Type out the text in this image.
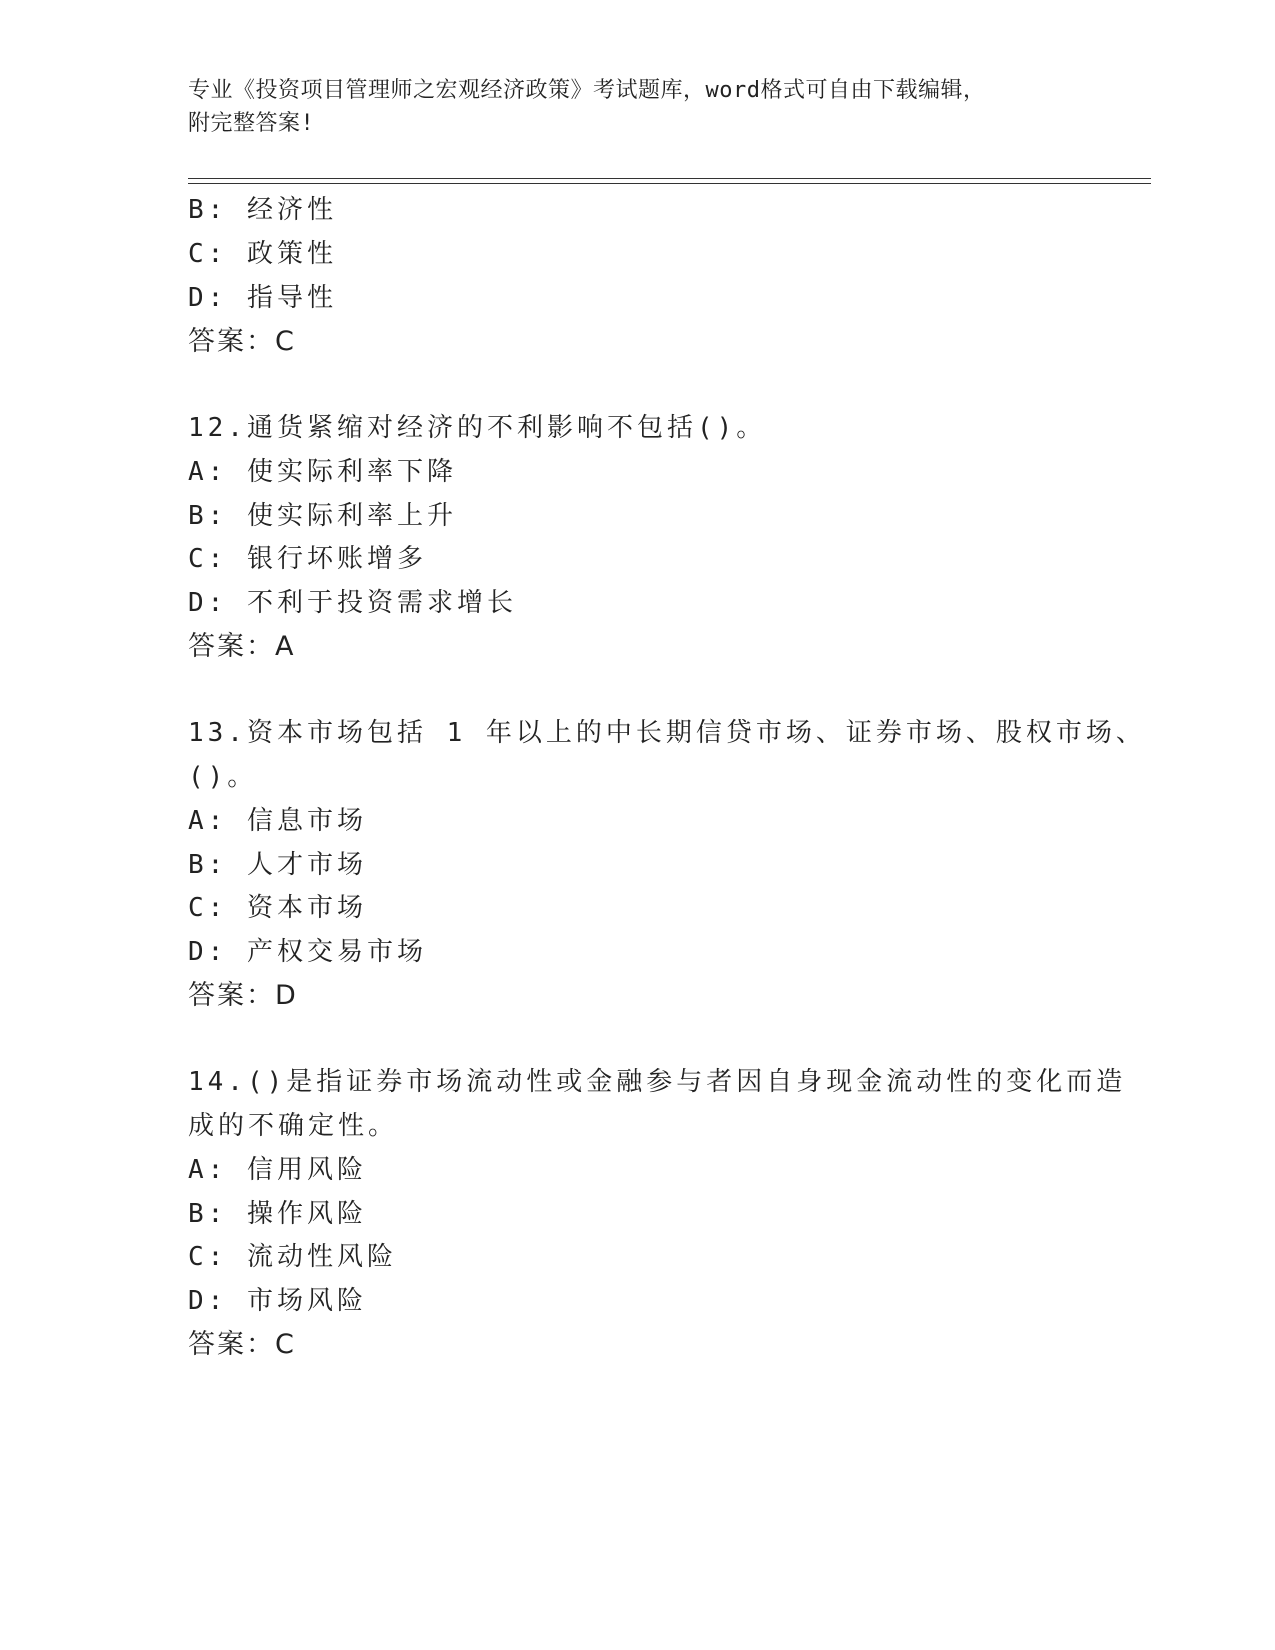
专业《投资项目管理师之宏观经济政策》考试题库，word格式可自由下载编辑，
附完整答案!
B: 经济性
C: 政策性
D: 指导性
答案：C
12.通货紧缩对经济的不利影响不包括()。
A: 使实际利率下降
B: 使实际利率上升
C: 银行坏账增多
D: 不利于投资需求增长
答案：A
13.资本市场包括 1 年以上的中长期信贷市场、证券市场、股权市场、
()。
A: 信息市场
B: 人才市场
C: 资本市场
D: 产权交易市场
答案：D
14.()是指证券市场流动性或金融参与者因自身现金流动性的变化而造
成的不确定性。
A: 信用风险
B: 操作风险
C: 流动性风险
D: 市场风险
答案：C
